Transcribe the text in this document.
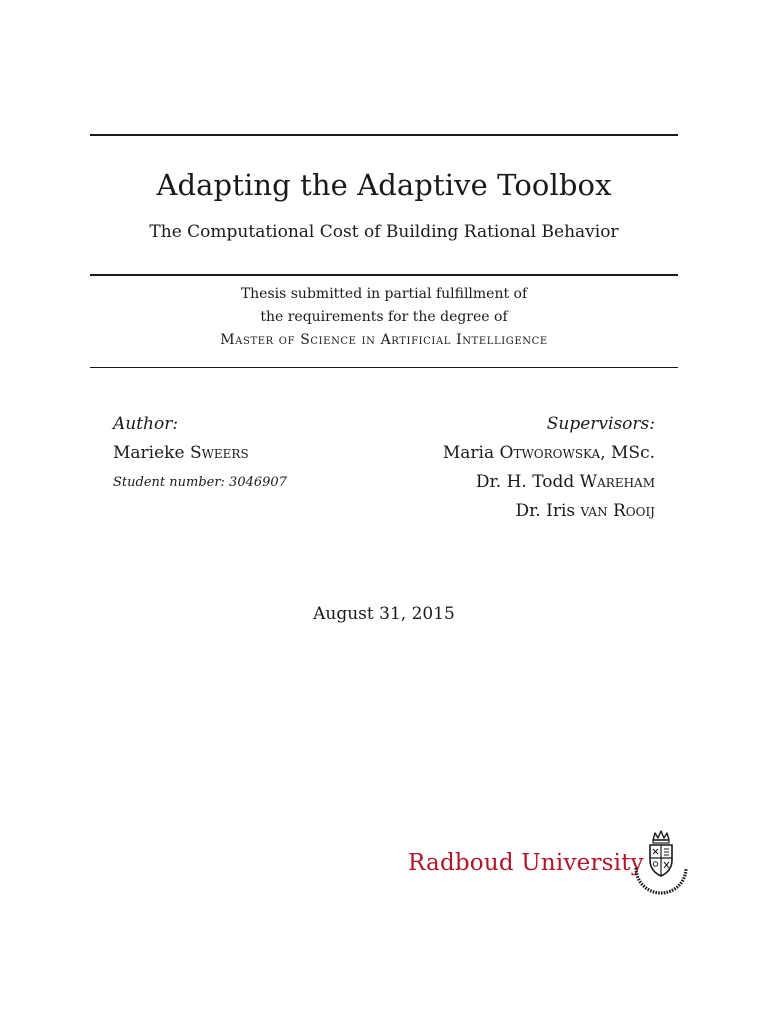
Adapting the Adaptive Toolbox
The Computational Cost of Building Rational Behavior
Thesis submitted in partial fulfillment of
the requirements for the degree of
Master of Science in Artificial Intelligence
Author:
Marieke Sweers
Student number: 3046907
Supervisors:
Maria Otworowska, MSc.
Dr. H. Todd Wareham
Dr. Iris van Rooij
August 31, 2015
Radboud University
